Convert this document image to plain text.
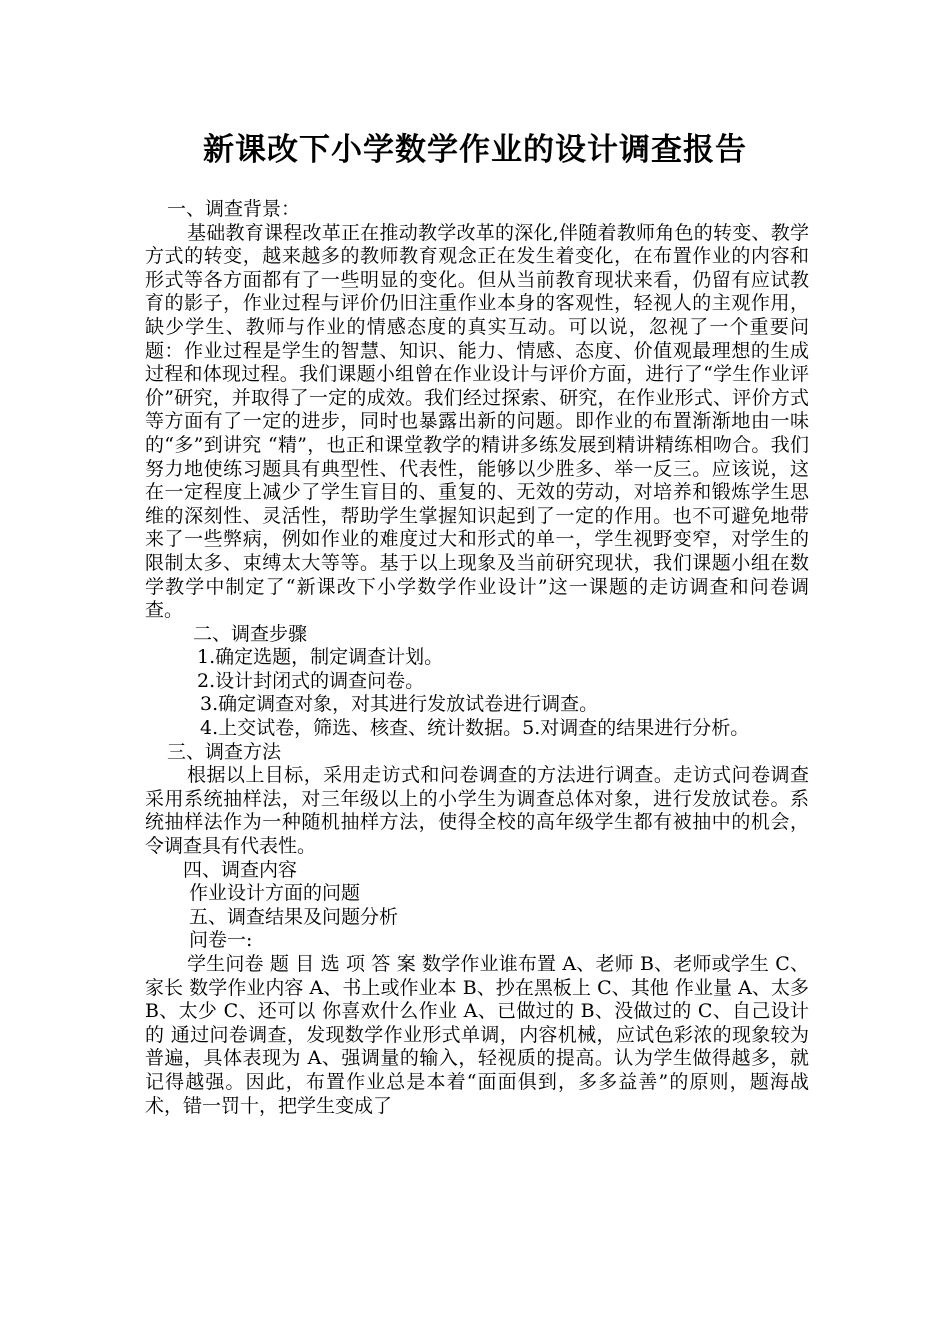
新课改下小学数学作业的设计调查报告

一、调查背景：

基础教育课程改革正在推动教学改革的深化,伴随着教师角色的转变、教学方式的转变，越来越多的教师教育观念正在发生着变化，在布置作业的内容和形式等各方面都有了一些明显的变化。但从当前教育现状来看，仍留有应试教育的影子，作业过程与评价仍旧注重作业本身的客观性，轻视人的主观作用，缺少学生、教师与作业的情感态度的真实互动。可以说，忽视了一个重要问题：作业过程是学生的智慧、知识、能力、情感、态度、价值观最理想的生成过程和体现过程。我们课题小组曾在作业设计与评价方面，进行了“学生作业评价”研究，并取得了一定的成效。我们经过探索、研究，在作业形式、评价方式等方面有了一定的进步，同时也暴露出新的问题。即作业的布置渐渐地由一味的“多”到讲究 “精”，也正和课堂教学的精讲多练发展到精讲精练相吻合。我们努力地使练习题具有典型性、代表性，能够以少胜多、举一反三。应该说，这在一定程度上减少了学生盲目的、重复的、无效的劳动，对培养和锻炼学生思维的深刻性、灵活性，帮助学生掌握知识起到了一定的作用。也不可避免地带来了一些弊病，例如作业的难度过大和形式的单一，学生视野变窄，对学生的限制太多、束缚太大等等。基于以上现象及当前研究现状，我们课题小组在数学教学中制定了“新课改下小学数学作业设计”这一课题的走访调查和问卷调查。

二、调查步骤

1.确定选题，制定调查计划。

2.设计封闭式的调查问卷。

3.确定调查对象，对其进行发放试卷进行调查。

4.上交试卷，筛选、核查、统计数据。5.对调查的结果进行分析。

三、调查方法

根据以上目标，采用走访式和问卷调查的方法进行调查。走访式问卷调查采用系统抽样法，对三年级以上的小学生为调查总体对象，进行发放试卷。系统抽样法作为一种随机抽样方法，使得全校的高年级学生都有被抽中的机会，令调查具有代表性。

四、调查内容

作业设计方面的问题

五、调查结果及问题分析

问卷一:

学生问卷 题 目 选 项 答 案 数学作业谁布置 A、老师 B、老师或学生 C、家长 数学作业内容 A、书上或作业本 B、抄在黑板上 C、其他 作业量 A、太多 B、太少 C、还可以 你喜欢什么作业 A、已做过的 B、没做过的 C、自己设计的 通过问卷调查，发现数学作业形式单调，内容机械，应试色彩浓的现象较为普遍，具体表现为 A、强调量的输入，轻视质的提高。认为学生做得越多，就记得越强。因此，布置作业总是本着“面面俱到，多多益善”的原则，题海战术，错一罚十，把学生变成了
